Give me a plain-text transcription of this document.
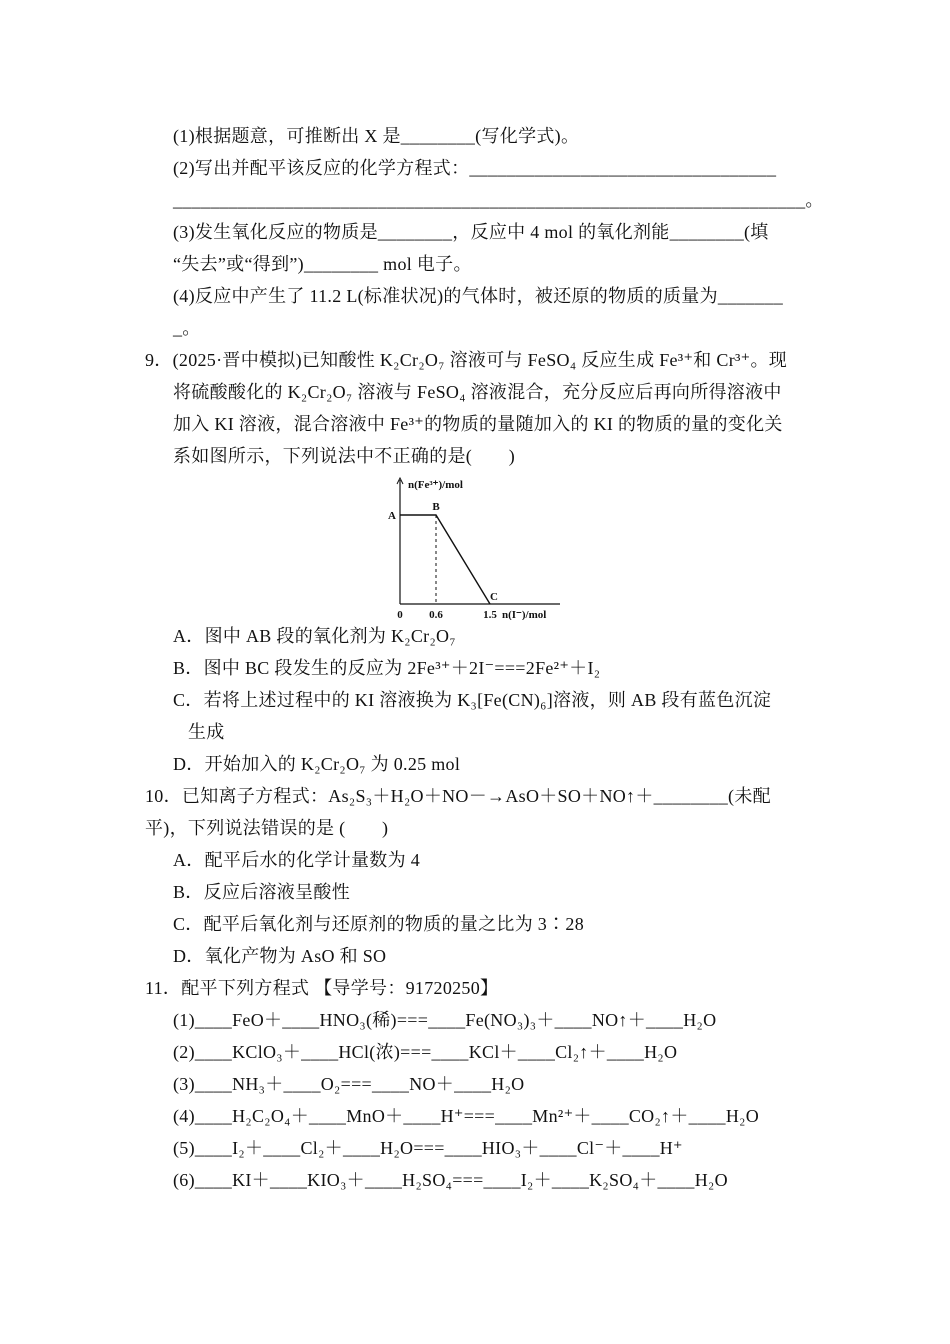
(1)根据题意，可推断出 X 是________(写化学式)。
(2)写出并配平该反应的化学方程式：_________________________________
____________________________________________________________________。
(3)发生氧化反应的物质是________，反应中 4 mol 的氧化剂能________(填
“失去”或“得到”)________ mol 电子。
(4)反应中产生了 11.2 L(标准状况)的气体时，被还原的物质的质量为_______
_。
9．(2025·晋中模拟)已知酸性 K₂Cr₂O₇ 溶液可与 FeSO₄ 反应生成 Fe³⁺和 Cr³⁺。现
将硫酸酸化的 K₂Cr₂O₇ 溶液与 FeSO₄ 溶液混合，充分反应后再向所得溶液中
加入 KI 溶液，混合溶液中 Fe³⁺的物质的量随加入的 KI 的物质的量的变化关
系如图所示，下列说法中不正确的是(　　)
A
B
C
0 0.6	1.5
n(Fe³⁺)/mol
n(I⁻)/mol
A．图中 AB 段的氧化剂为 K₂Cr₂O₇
B．图中 BC 段发生的反应为 2Fe³⁺＋2I⁻===2Fe²⁺＋I₂
C．若将上述过程中的 KI 溶液换为 K₃[Fe(CN)₆]溶液，则 AB 段有蓝色沉淀
生成
D．开始加入的 K₂Cr₂O₇ 为 0.25 mol
10．已知离子方程式：As₂S₃＋H₂O＋NO－→AsO＋SO＋NO↑＋________(未配
平)，下列说法错误的是 (　　)
A．配平后水的化学计量数为 4
B．反应后溶液呈酸性
C．配平后氧化剂与还原剂的物质的量之比为 3∶28
D．氧化产物为 AsO 和 SO
11．配平下列方程式 【导学号：91720250】
(1)____FeO＋____HNO₃(稀)===____Fe(NO₃)₃＋____NO↑＋____H₂O
(2)____KClO₃＋____HCl(浓)===____KCl＋____Cl₂↑＋____H₂O
(3)____NH₃＋____O₂===____NO＋____H₂O
(4)____H₂C₂O₄＋____MnO＋____H⁺===____Mn²⁺＋____CO₂↑＋____H₂O
(5)____I₂＋____Cl₂＋____H₂O===____HIO₃＋____Cl⁻＋____H⁺
(6)____KI＋____KIO₃＋____H₂SO₄===____I₂＋____K₂SO₄＋____H₂O
